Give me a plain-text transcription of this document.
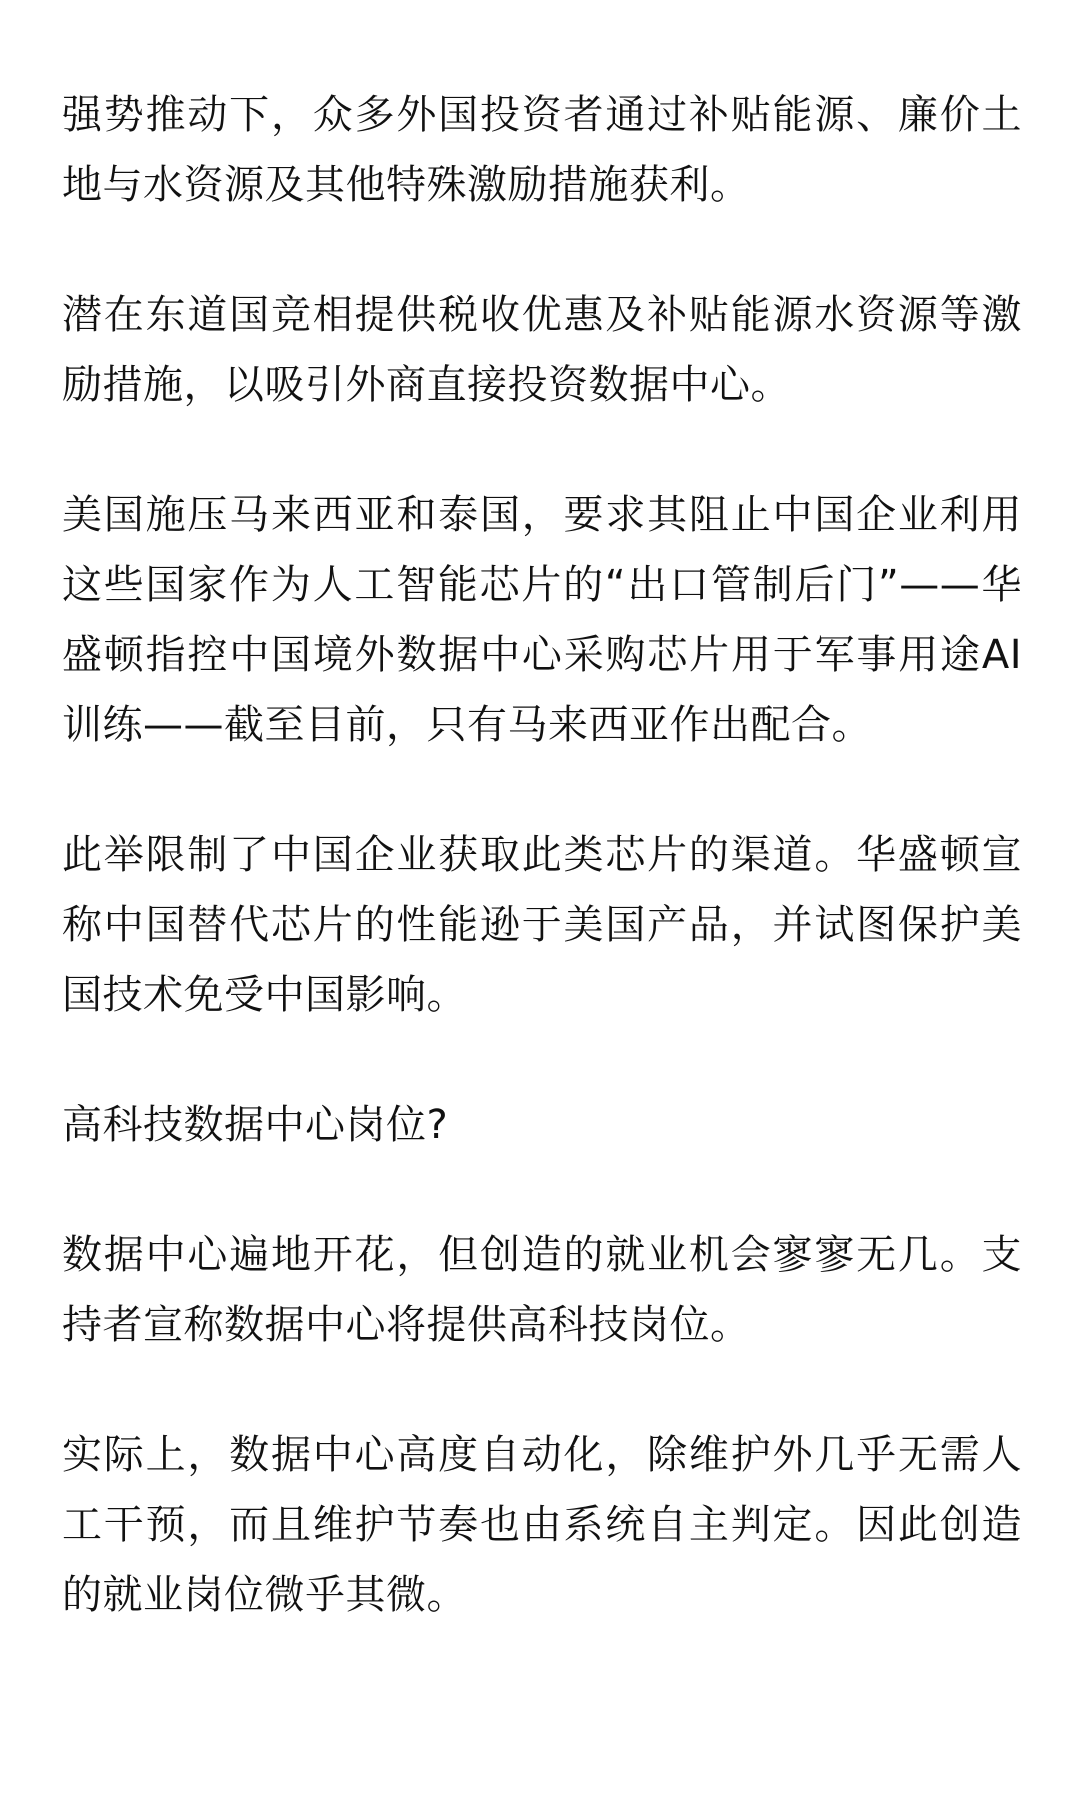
强势推动下，众多外国投资者通过补贴能源、廉价土地与水资源及其他特殊激励措施获利。

潜在东道国竞相提供税收优惠及补贴能源水资源等激励措施，以吸引外商直接投资数据中心。

美国施压马来西亚和泰国，要求其阻止中国企业利用这些国家作为人工智能芯片的“出口管制后门”——华盛顿指控中国境外数据中心采购芯片用于军事用途AI训练——截至目前，只有马来西亚作出配合。

此举限制了中国企业获取此类芯片的渠道。华盛顿宣称中国替代芯片的性能逊于美国产品，并试图保护美国技术免受中国影响。

高科技数据中心岗位?

数据中心遍地开花，但创造的就业机会寥寥无几。支持者宣称数据中心将提供高科技岗位。

实际上，数据中心高度自动化，除维护外几乎无需人工干预，而且维护节奏也由系统自主判定。因此创造的就业岗位微乎其微。
